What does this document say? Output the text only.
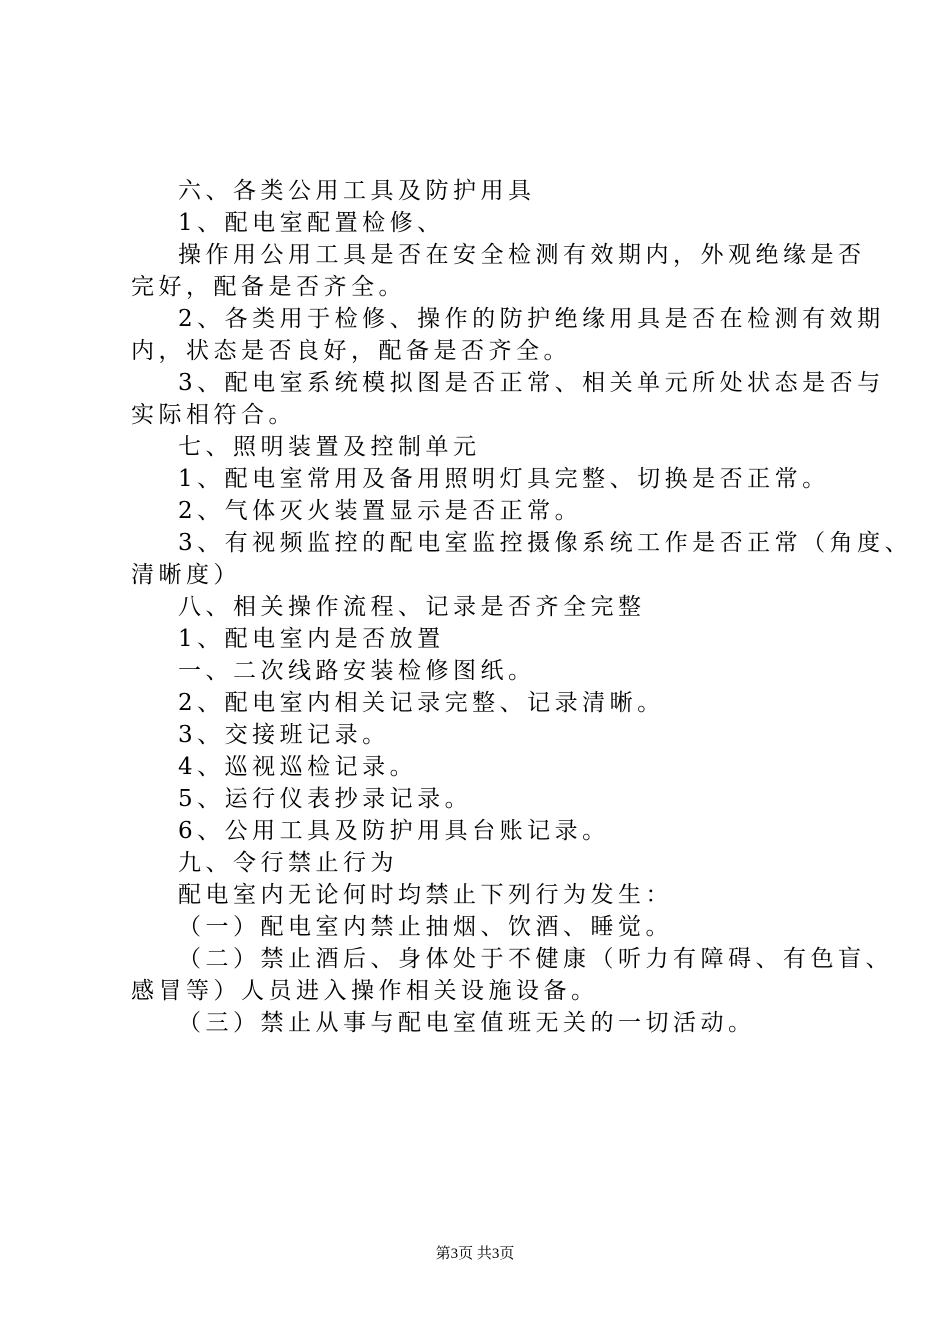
六、各类公用工具及防护用具
1、配电室配置检修、
操作用公用工具是否在安全检测有效期内，外观绝缘是否
完好，配备是否齐全。
2、各类用于检修、操作的防护绝缘用具是否在检测有效期
内，状态是否良好，配备是否齐全。
3、配电室系统模拟图是否正常、相关单元所处状态是否与
实际相符合。
七、照明装置及控制单元
1、配电室常用及备用照明灯具完整、切换是否正常。
2、气体灭火装置显示是否正常。
3、有视频监控的配电室监控摄像系统工作是否正常（角度、
清晰度）
八、相关操作流程、记录是否齐全完整
1、配电室内是否放置
一、二次线路安装检修图纸。
2、配电室内相关记录完整、记录清晰。
3、交接班记录。
4、巡视巡检记录。
5、运行仪表抄录记录。
6、公用工具及防护用具台账记录。
九、令行禁止行为
配电室内无论何时均禁止下列行为发生：
（一）配电室内禁止抽烟、饮酒、睡觉。
（二）禁止酒后、身体处于不健康（听力有障碍、有色盲、
感冒等）人员进入操作相关设施设备。
（三）禁止从事与配电室值班无关的一切活动。
第3页 共3页
